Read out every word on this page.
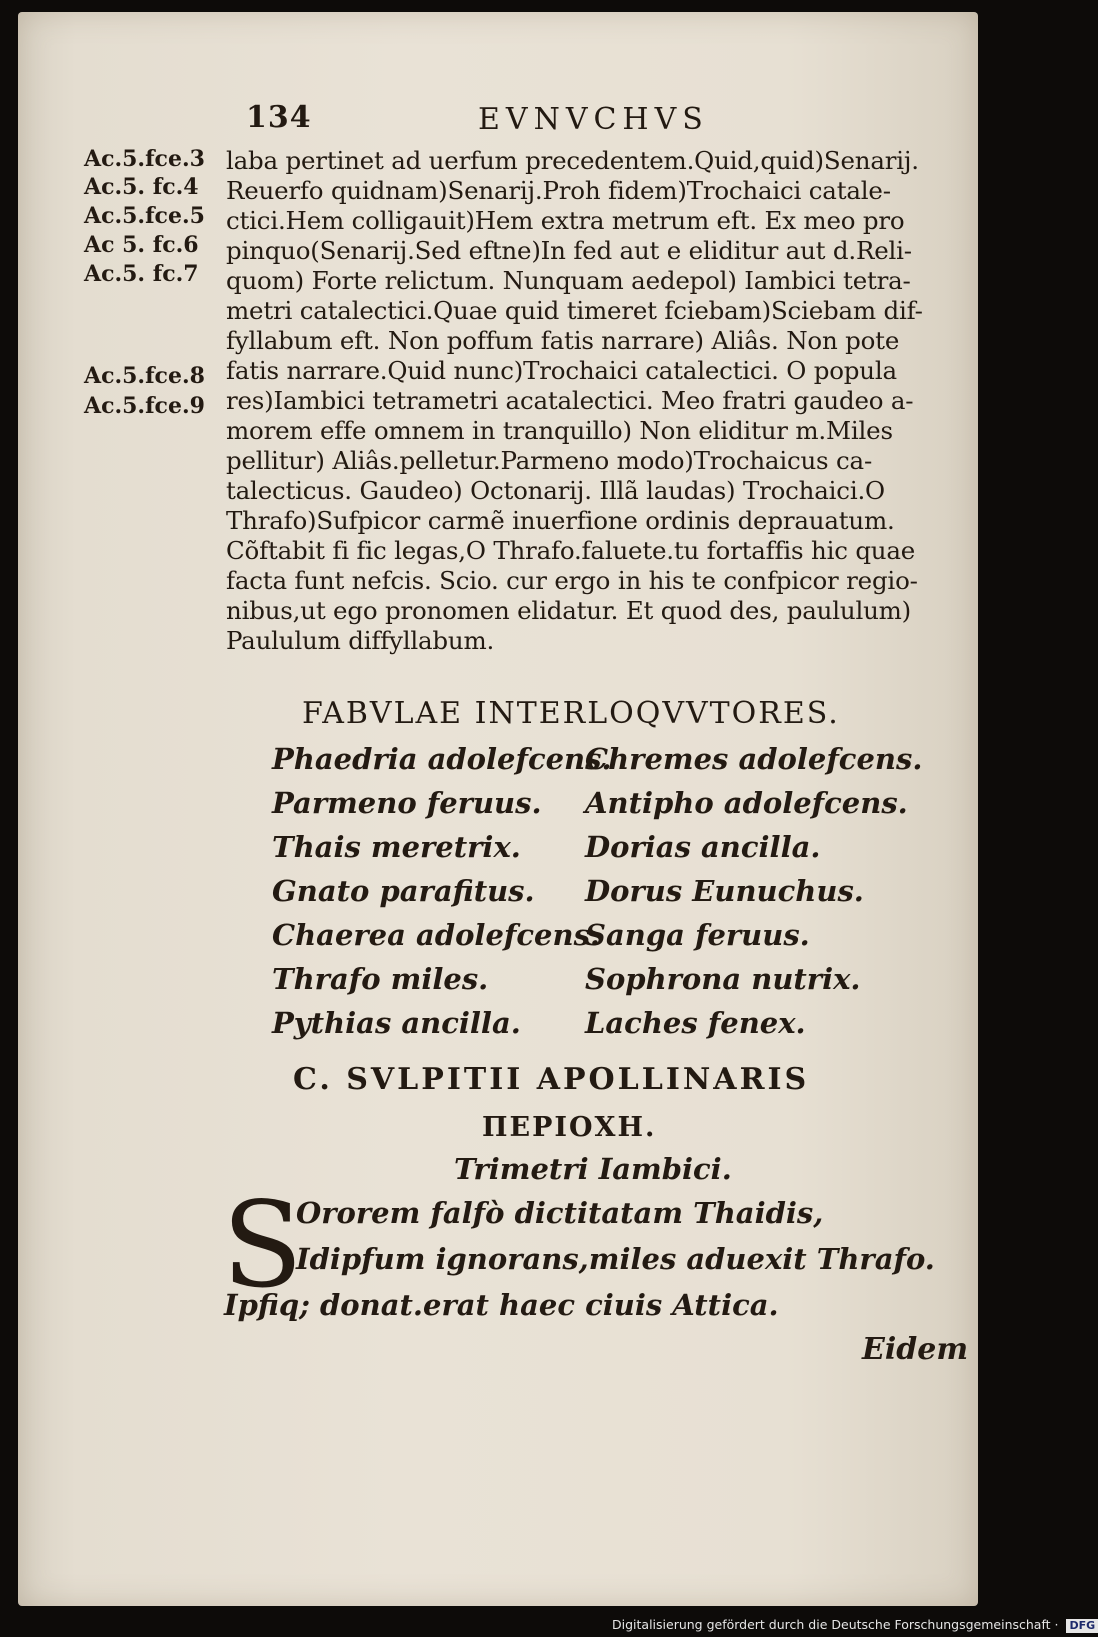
134	EVNVCHVS
Ac.5.fce.3
Ac.5. fc.4
Ac.5.fce.5
Ac 5. fc.6
Ac.5. fc.7
Ac.5.fce.8
Ac.5.fce.9
laba pertinet ad uerfum precedentem.Quid,quid)Senarij.
Reuerfo quidnam)Senarij.Proh fidem)Trochaici catale-
ctici.Hem colligauit)Hem extra metrum eft. Ex meo pro
pinquo(Senarij.Sed eftne)In fed aut e eliditur aut d.Reli-
quom) Forte relictum. Nunquam aedepol) Iambici tetra-
metri catalectici.Quae quid timeret fciebam)Sciebam dif-
fyllabum eft. Non poffum fatis narrare) Aliâs. Non pote
fatis narrare.Quid nunc)Trochaici catalectici. O popula
res)Iambici tetrametri acatalectici. Meo fratri gaudeo a-
morem effe omnem in tranquillo) Non eliditur m.Miles
pellitur) Aliâs.pelletur.Parmeno modo)Trochaicus ca-
talecticus. Gaudeo) Octonarij. Illã laudas) Trochaici.O
Thrafo)Sufpicor carmẽ inuerfione ordinis deprauatum.
Cõftabit fi fic legas,O Thrafo.faluete.tu fortaffis hic quae
facta funt nefcis. Scio. cur ergo in his te confpicor regio-
nibus,ut ego pronomen elidatur. Et quod des, paululum)
Paululum diffyllabum.
FABVLAE INTERLOQVVTORES.
Phaedria adolefcens.
Parmeno feruus.
Thais meretrix.
Gnato parafitus.
Chaerea adolefcens.
Thrafo miles.
Pythias ancilla.
Chremes adolefcens.
Antipho adolefcens.
Dorias ancilla.
Dorus Eunuchus.
Sanga feruus.
Sophrona nutrix.
Laches fenex.
C. SVLPITII APOLLINARIS
ΠΕΡΙΟΧΗ.
Trimetri Iambici.
S
Ororem falfò dictitatam Thaidis,
Idipfum ignorans,miles aduexit Thrafo.
Ipfiq; donat.erat haec ciuis Attica.
Eidem
Digitalisierung gefördert durch die Deutsche Forschungsgemeinschaft · DFG
